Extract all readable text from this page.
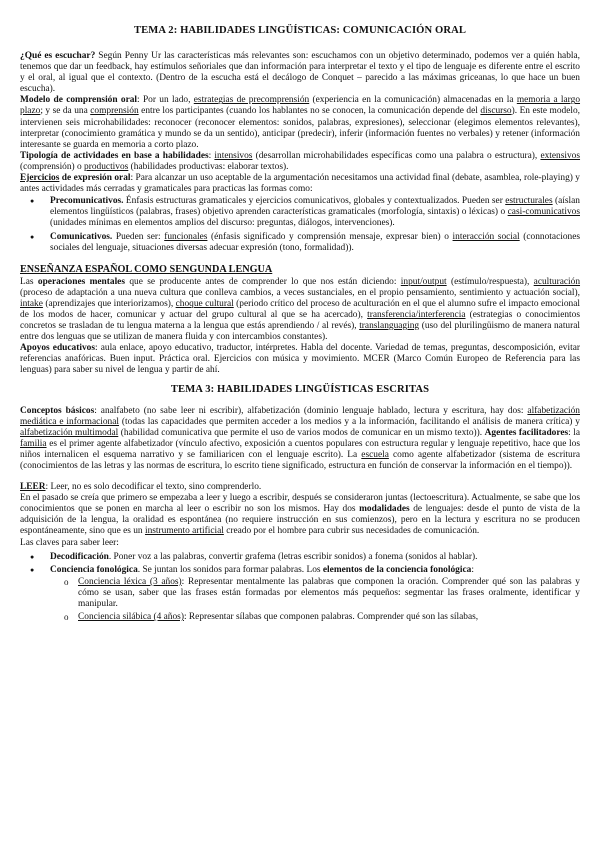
TEMA 2: HABILIDADES LINGÜÍSTICAS: COMUNICACIÓN ORAL

¿Qué es escuchar? Según Penny Ur las características más relevantes son: escuchamos con un objetivo determinado, podemos ver a quién habla, tenemos que dar un feedback, hay estímulos señoriales que dan información para interpretar el texto y el tipo de lenguaje es diferente entre el escrito y el oral, al igual que el contexto. (Dentro de la escucha está el decálogo de Conquet – parecido a las máximas griceanas, lo que hace un buen escucha).

Modelo de comprensión oral: Por un lado, estrategias de precomprensión (experiencia en la comunicación) almacenadas en la memoria a largo plazo; y se da una comprensión entre los participantes (cuando los hablantes no se conocen, la comunicación depende del discurso). En este modelo, intervienen seis microhabilidades: reconocer (reconocer elementos: sonidos, palabras, expresiones), seleccionar (elegimos elementos relevantes), interpretar (conocimiento gramática y mundo se da un sentido), anticipar (predecir), inferir (información fuentes no verbales) y retener (información interesante se guarda en memoria a corto plazo.

Tipología de actividades en base a habilidades: intensivos (desarrollan microhabilidades específicas como una palabra o estructura), extensivos (comprensión) o productivos (habilidades productivas: elaborar textos).

Ejercicios de expresión oral: Para alcanzar un uso aceptable de la argumentación necesitamos una actividad final (debate, asamblea, role-playing) y antes actividades más cerradas y gramaticales para practicas las formas como:

● Precomunicativos. Énfasis estructuras gramaticales y ejercicios comunicativos, globales y contextualizados. Pueden ser estructurales (aíslan elementos lingüísticos (palabras, frases) objetivo aprenden características gramaticales (morfología, sintaxis) o léxicas) o casi-comunicativos (unidades mínimas en elementos amplios del discurso: preguntas, diálogos, intervenciones).
● Comunicativos. Pueden ser: funcionales (énfasis significado y comprensión mensaje, expresar bien) o interacción social (connotaciones sociales del lenguaje, situaciones diversas adecuar expresión (tono, formalidad)).
ENSEÑANZA ESPAÑOL COMO SENGUNDA LENGUA

Las operaciones mentales que se producente antes de comprender lo que nos están diciendo: input/output (estímulo/respuesta), aculturación (proceso de adaptación a una nueva cultura que conlleva cambios, a veces sustanciales, en el propio pensamiento, sentimiento y actuación social), intake (aprendizajes que interiorizamos), choque cultural (periodo crítico del proceso de aculturación en el que el alumno sufre el impacto emocional de los modos de hacer, comunicar y actuar del grupo cultural al que se ha acercado), transferencia/interferencia (estrategias o conocimientos concretos se trasladan de tu lengua materna a la lengua que estás aprendiendo / al revés), translanguaging (uso del plurilingüismo de manera natural entre dos lenguas que se utilizan de manera fluida y con intercambios constantes).

Apoyos educativos: aula enlace, apoyo educativo, traductor, intérpretes. Habla del docente. Variedad de temas, preguntas, descomposición, evitar referencias anafóricas. Buen input. Práctica oral. Ejercicios con música y movimiento. MCER (Marco Común Europeo de Referencia para las lenguas) para saber su nivel de lengua y partir de ahí.

TEMA 3: HABILIDADES LINGÜÍSTICAS ESCRITAS

Conceptos básicos: analfabeto (no sabe leer ni escribir), alfabetización (dominio lenguaje hablado, lectura y escritura, hay dos: alfabetización mediática e informacional (todas las capacidades que permiten acceder a los medios y a la información, facilitando el análisis de manera crítica) y alfabetización multimodal (habilidad comunicativa que permite el uso de varios modos de comunicar en un mismo texto)). Agentes facilitadores: la familia es el primer agente alfabetizador (vínculo afectivo, exposición a cuentos populares con estructura regular y lenguaje repetitivo, hace que los niños internalicen el esquema narrativo y se familiaricen con el lenguaje escrito). La escuela como agente alfabetizador (sistema de escritura (conocimientos de las letras y las normas de escritura, lo escrito tiene significado, estructura en función de conservar la información en el tiempo)).

LEER: Leer, no es solo decodificar el texto, sino comprenderlo.

En el pasado se creía que primero se empezaba a leer y luego a escribir, después se consideraron juntas (lectoescritura). Actualmente, se sabe que los conocimientos que se ponen en marcha al leer o escribir no son los mismos. Hay dos modalidades de lenguajes: desde el punto de vista de la adquisición de la lengua, la oralidad es espontánea (no requiere instrucción en sus comienzos), pero en la lectura y escritura no se producen espontáneamente, sino que es un instrumento artificial creado por el hombre para cubrir sus necesidades de comunicación.

Las claves para saber leer:

● Decodificación. Poner voz a las palabras, convertir grafema (letras escribir sonidos) a fonema (sonidos al hablar).
● Conciencia fonológica. Se juntan los sonidos para formar palabras. Los elementos de la conciencia fonológica:
o Conciencia léxica (3 años): Representar mentalmente las palabras que componen la oración. Comprender qué son las palabras y cómo se usan, saber que las frases están formadas por elementos más pequeños: segmentar las frases oralmente, identificar y manipular.
o Conciencia silábica (4 años): Representar sílabas que componen palabras. Comprender qué son las sílabas,
